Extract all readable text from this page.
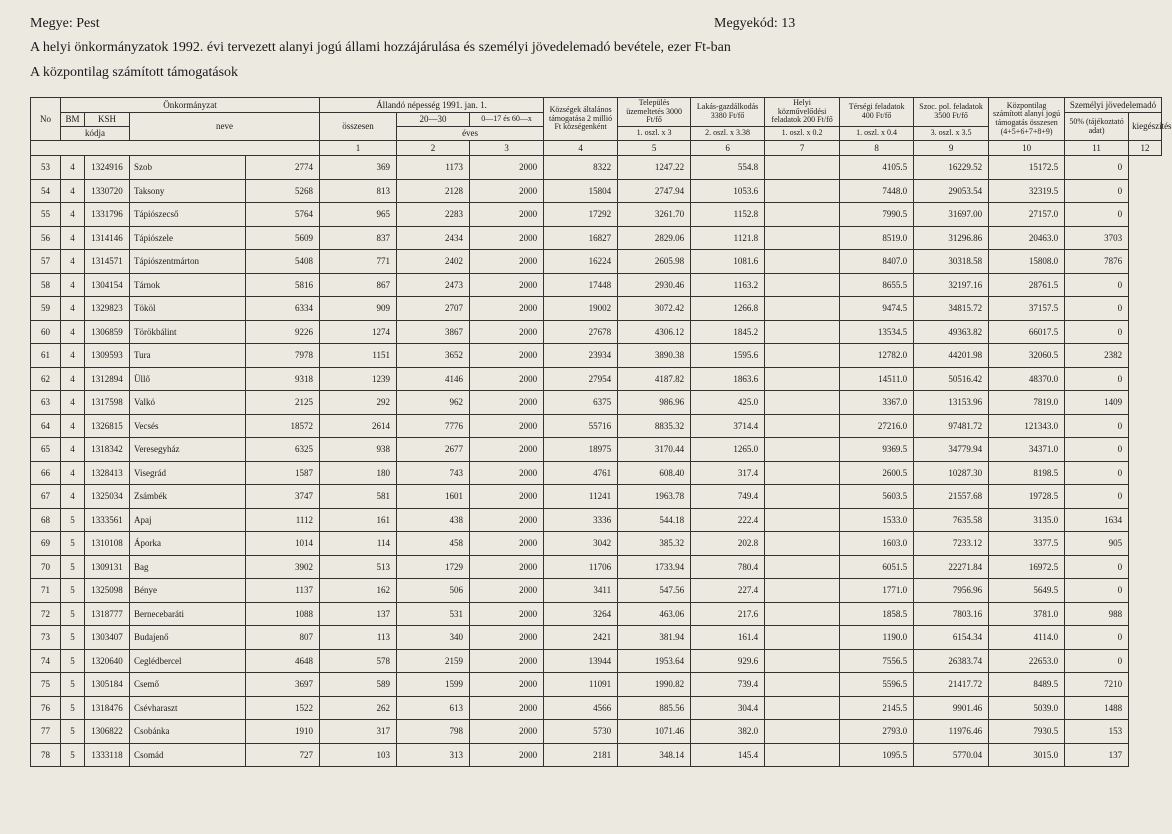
Megye: Pest	Megyekód: 13
A helyi önkormányzatok 1992. évi tervezett alanyi jogú állami hozzájárulása és személyi jövedelemadó bevétele, ezer Ft-ban
A központilag számított támogatások
No	Önkormányzat				Állandó népesség 1991. jan. 1.			Községek általános támogatása 2 millió Ft községenként	Település üzemeltetés 3000 Ft/fő	Lakás-gazdálkodás 3380 Ft/fő	Helyi közművelődési feladatok 200 Ft/fő	Térségi feladatok 400 Ft/fő	Szoc. pol. feladatok 3500 Ft/fő	Központilag számított alanyi jogú támogatás összesen (4+5+6+7+8+9)	Személyi jövedelemadó	
	BM	KSH	neve		összesen	20—30	0—17 és 60—x								50% (tájékoztató adat)	kiegészítés
	kódja					éves			1. oszl. x 3	2. oszl. x 3.38	1. oszl. x 0.2	1. oszl. x 0.4	3. oszl. x 3.5			
					1	2	3	4	5	6	7	8	9	10	11	12
53	4	1324916	Szob	2774	369	1173	2000	8322	1247.22	554.8		4105.5	16229.52	15172.5	0	
54	4	1330720	Taksony	5268	813	2128	2000	15804	2747.94	1053.6		7448.0	29053.54	32319.5	0	
55	4	1331796	Tápiószecső	5764	965	2283	2000	17292	3261.70	1152.8		7990.5	31697.00	27157.0	0	
56	4	1314146	Tápiószele	5609	837	2434	2000	16827	2829.06	1121.8		8519.0	31296.86	20463.0	3703	
57	4	1314571	Tápiószentmárton	5408	771	2402	2000	16224	2605.98	1081.6		8407.0	30318.58	15808.0	7876	
58	4	1304154	Tárnok	5816	867	2473	2000	17448	2930.46	1163.2		8655.5	32197.16	28761.5	0	
59	4	1329823	Tököl	6334	909	2707	2000	19002	3072.42	1266.8		9474.5	34815.72	37157.5	0	
60	4	1306859	Törökbálint	9226	1274	3867	2000	27678	4306.12	1845.2		13534.5	49363.82	66017.5	0	
61	4	1309593	Tura	7978	1151	3652	2000	23934	3890.38	1595.6		12782.0	44201.98	32060.5	2382	
62	4	1312894	Üllő	9318	1239	4146	2000	27954	4187.82	1863.6		14511.0	50516.42	48370.0	0	
63	4	1317598	Valkó	2125	292	962	2000	6375	986.96	425.0		3367.0	13153.96	7819.0	1409	
64	4	1326815	Vecsés	18572	2614	7776	2000	55716	8835.32	3714.4		27216.0	97481.72	121343.0	0	
65	4	1318342	Veresegyház	6325	938	2677	2000	18975	3170.44	1265.0		9369.5	34779.94	34371.0	0	
66	4	1328413	Visegrád	1587	180	743	2000	4761	608.40	317.4		2600.5	10287.30	8198.5	0	
67	4	1325034	Zsámbék	3747	581	1601	2000	11241	1963.78	749.4		5603.5	21557.68	19728.5	0	
68	5	1333561	Apaj	1112	161	438	2000	3336	544.18	222.4		1533.0	7635.58	3135.0	1634	
69	5	1310108	Áporka	1014	114	458	2000	3042	385.32	202.8		1603.0	7233.12	3377.5	905	
70	5	1309131	Bag	3902	513	1729	2000	11706	1733.94	780.4		6051.5	22271.84	16972.5	0	
71	5	1325098	Bénye	1137	162	506	2000	3411	547.56	227.4		1771.0	7956.96	5649.5	0	
72	5	1318777	Bernecebaráti	1088	137	531	2000	3264	463.06	217.6		1858.5	7803.16	3781.0	988	
73	5	1303407	Budajenő	807	113	340	2000	2421	381.94	161.4		1190.0	6154.34	4114.0	0	
74	5	1320640	Ceglédbercel	4648	578	2159	2000	13944	1953.64	929.6		7556.5	26383.74	22653.0	0	
75	5	1305184	Csemő	3697	589	1599	2000	11091	1990.82	739.4		5596.5	21417.72	8489.5	7210	
76	5	1318476	Csévharaszt	1522	262	613	2000	4566	885.56	304.4		2145.5	9901.46	5039.0	1488	
77	5	1306822	Csobánka	1910	317	798	2000	5730	1071.46	382.0		2793.0	11976.46	7930.5	153	
78	5	1333118	Csomád	727	103	313	2000	2181	348.14	145.4		1095.5	5770.04	3015.0	137	
